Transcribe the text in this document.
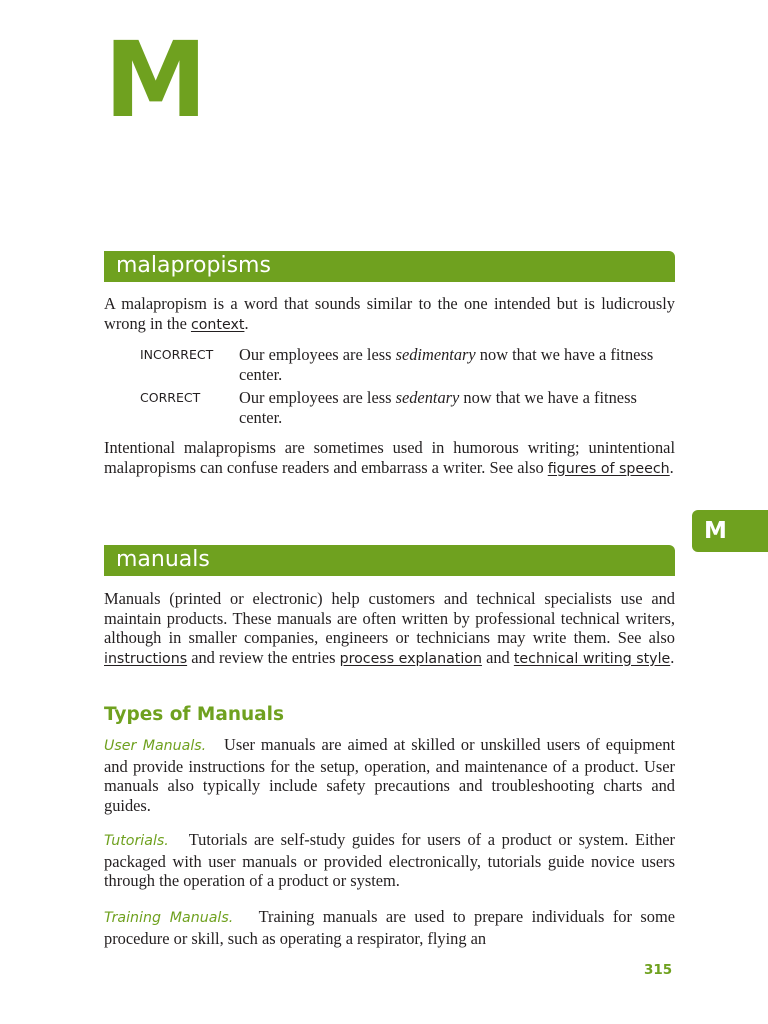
M
malapropisms

A malapropism is a word that sounds similar to the one intended but is ludicrously wrong in the context.

INCORRECT Our employees are less sedimentary now that we have a fitness center.

CORRECT Our employees are less sedentary now that we have a fitness center.

Intentional malapropisms are sometimes used in humorous writing; unintentional malapropisms can confuse readers and embarrass a writer. See also figures of speech.

M
manuals

Manuals (printed or electronic) help customers and technical specialists use and maintain products. These manuals are often written by professional technical writers, although in smaller companies, engineers or technicians may write them. See also instructions and review the entries process explanation and technical writing style.

Types of Manuals

User Manuals. User manuals are aimed at skilled or unskilled users of equipment and provide instructions for the setup, operation, and maintenance of a product. User manuals also typically include safety precautions and troubleshooting charts and guides.

Tutorials. Tutorials are self-study guides for users of a product or system. Either packaged with user manuals or provided electronically, tutorials guide novice users through the operation of a product or system.

Training Manuals. Training manuals are used to prepare individuals for some procedure or skill, such as operating a respirator, flying an

315
